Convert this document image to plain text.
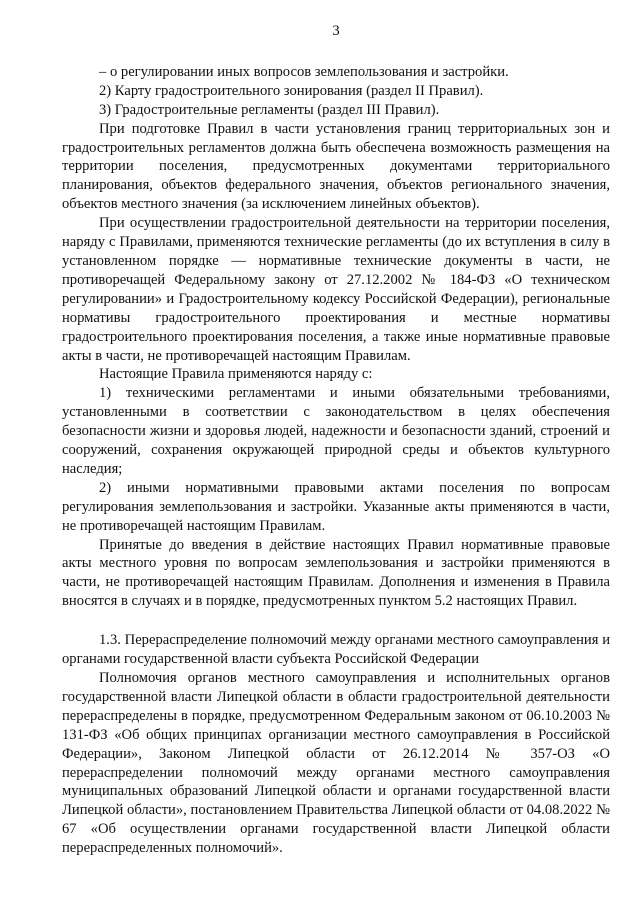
3

– о регулировании иных вопросов землепользования и застройки.

2) Карту градостроительного зонирования (раздел II Правил).

3) Градостроительные регламенты (раздел III Правил).

При подготовке Правил в части установления границ территориальных зон и градостроительных регламентов должна быть обеспечена возможность размещения на территории поселения, предусмотренных документами территориального планирования, объектов федерального значения, объектов регионального значения, объектов местного значения (за исключением линейных объектов).

При осуществлении градостроительной деятельности на территории поселения, наряду с Правилами, применяются технические регламенты (до их вступления в силу в установленном порядке — нормативные технические документы в части, не противоречащей Федеральному закону от 27.12.2002 № 184-ФЗ «О техническом регулировании» и Градостроительному кодексу Российской Федерации), региональные нормативы градостроительного проектирования и местные нормативы градостроительного проектирования поселения, а также иные нормативные правовые акты в части, не противоречащей настоящим Правилам.

Настоящие Правила применяются наряду с:

1) техническими регламентами и иными обязательными требованиями, установленными в соответствии с законодательством в целях обеспечения безопасности жизни и здоровья людей, надежности и безопасности зданий, строений и сооружений, сохранения окружающей природной среды и объектов культурного наследия;

2) иными нормативными правовыми актами поселения по вопросам регулирования землепользования и застройки. Указанные акты применяются в части, не противоречащей настоящим Правилам.

Принятые до введения в действие настоящих Правил нормативные правовые акты местного уровня по вопросам землепользования и застройки применяются в части, не противоречащей настоящим Правилам. Дополнения и изменения в Правила вносятся в случаях и в порядке, предусмотренных пунктом 5.2 настоящих Правил.

1.3. Перераспределение полномочий между органами местного самоуправления и органами государственной власти субъекта Российской Федерации

Полномочия органов местного самоуправления и исполнительных органов государственной власти Липецкой области в области градостроительной деятельности перераспределены в порядке, предусмотренном Федеральным законом от 06.10.2003 № 131-ФЗ «Об общих принципах организации местного самоуправления в Российской Федерации», Законом Липецкой области от 26.12.2014 № 357-ОЗ «О перераспределении полномочий между органами местного самоуправления муниципальных образований Липецкой области и органами государственной власти Липецкой области», постановлением Правительства Липецкой области от 04.08.2022 № 67 «Об осуществлении органами государственной власти Липецкой области перераспределенных полномочий».
